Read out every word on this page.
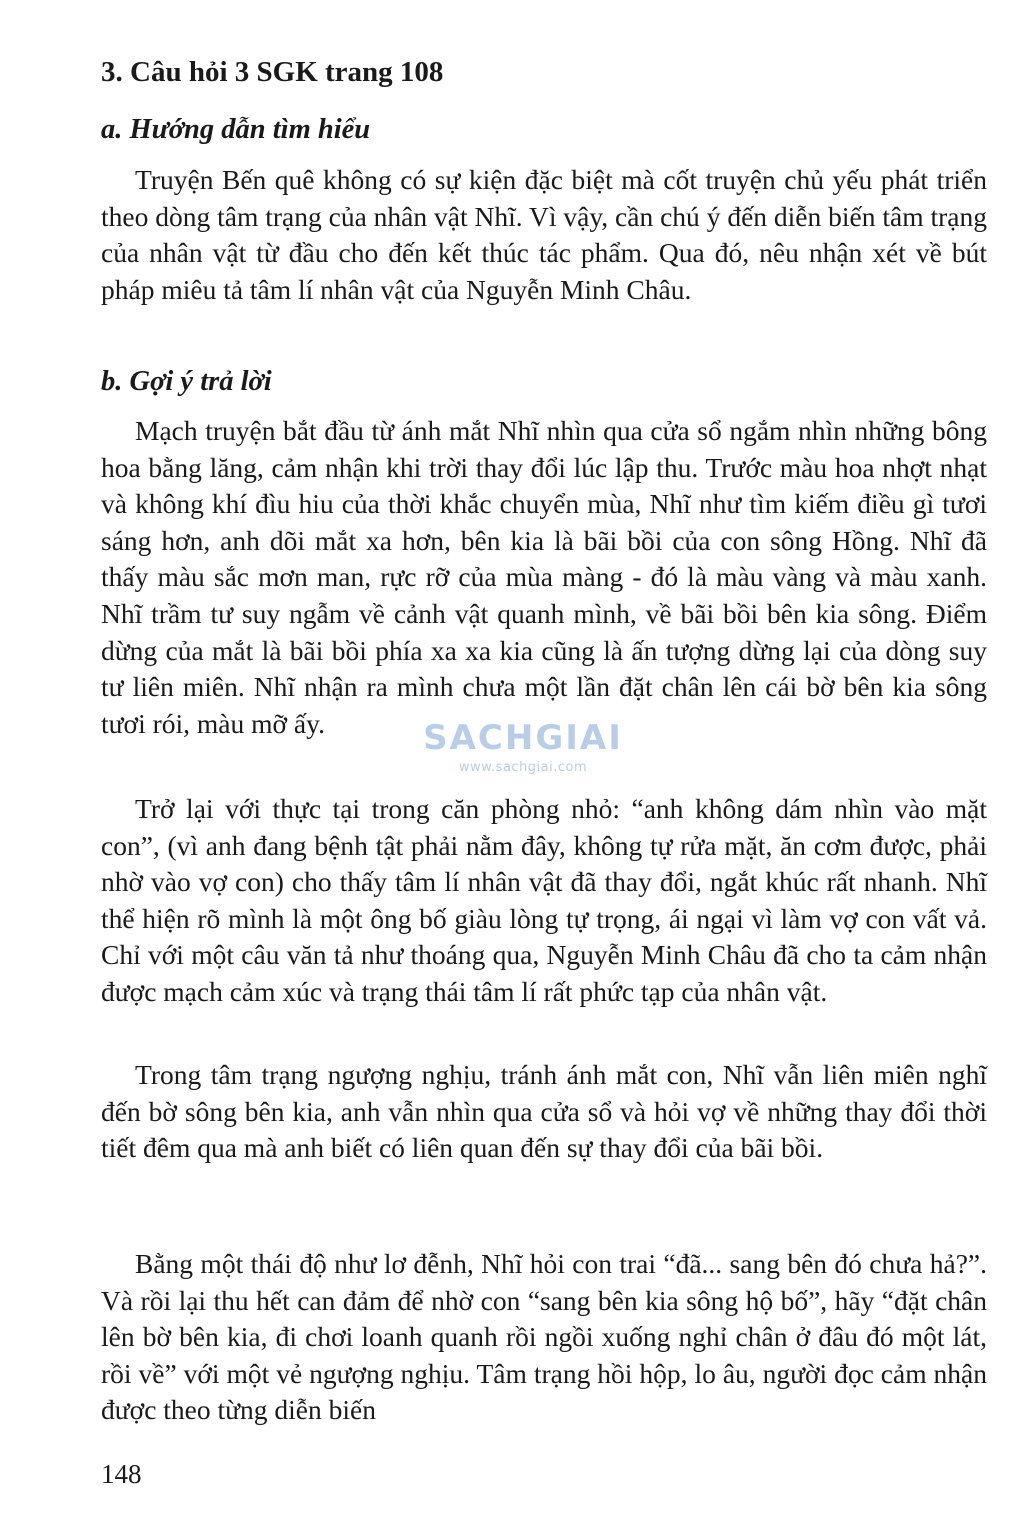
3. Câu hỏi 3 SGK trang 108
a. Hướng dẫn tìm hiểu

Truyện Bến quê không có sự kiện đặc biệt mà cốt truyện chủ yếu phát triển theo dòng tâm trạng của nhân vật Nhĩ. Vì vậy, cần chú ý đến diễn biến tâm trạng của nhân vật từ đầu cho đến kết thúc tác phẩm. Qua đó, nêu nhận xét về bút pháp miêu tả tâm lí nhân vật của Nguyễn Minh Châu.

b. Gợi ý trả lời

Mạch truyện bắt đầu từ ánh mắt Nhĩ nhìn qua cửa sổ ngắm nhìn những bông hoa bằng lăng, cảm nhận khi trời thay đổi lúc lập thu. Trước màu hoa nhợt nhạt và không khí đìu hiu của thời khắc chuyển mùa, Nhĩ như tìm kiếm điều gì tươi sáng hơn, anh dõi mắt xa hơn, bên kia là bãi bồi của con sông Hồng. Nhĩ đã thấy màu sắc mơn man, rực rỡ của mùa màng - đó là màu vàng và màu xanh. Nhĩ trầm tư suy ngẫm về cảnh vật quanh mình, về bãi bồi bên kia sông. Điểm dừng của mắt là bãi bồi phía xa xa kia cũng là ấn tượng dừng lại của dòng suy tư liên miên. Nhĩ nhận ra mình chưa một lần đặt chân lên cái bờ bên kia sông tươi rói, màu mỡ ấy.

Trở lại với thực tại trong căn phòng nhỏ: “anh không dám nhìn vào mặt con”, (vì anh đang bệnh tật phải nằm đây, không tự rửa mặt, ăn cơm được, phải nhờ vào vợ con) cho thấy tâm lí nhân vật đã thay đổi, ngắt khúc rất nhanh. Nhĩ thể hiện rõ mình là một ông bố giàu lòng tự trọng, ái ngại vì làm vợ con vất vả. Chỉ với một câu văn tả như thoáng qua, Nguyễn Minh Châu đã cho ta cảm nhận được mạch cảm xúc và trạng thái tâm lí rất phức tạp của nhân vật.

Trong tâm trạng ngượng nghịu, tránh ánh mắt con, Nhĩ vẫn liên miên nghĩ đến bờ sông bên kia, anh vẫn nhìn qua cửa sổ và hỏi vợ về những thay đổi thời tiết đêm qua mà anh biết có liên quan đến sự thay đổi của bãi bồi.

Bằng một thái độ như lơ đễnh, Nhĩ hỏi con trai “đã... sang bên đó chưa hả?”. Và rồi lại thu hết can đảm để nhờ con “sang bên kia sông hộ bố”, hãy “đặt chân lên bờ bên kia, đi chơi loanh quanh rồi ngồi xuống nghỉ chân ở đâu đó một lát, rồi về” với một vẻ ngượng nghịu. Tâm trạng hồi hộp, lo âu, người đọc cảm nhận được theo từng diễn biến

148
SACHGIAI
www.sachgiai.com
